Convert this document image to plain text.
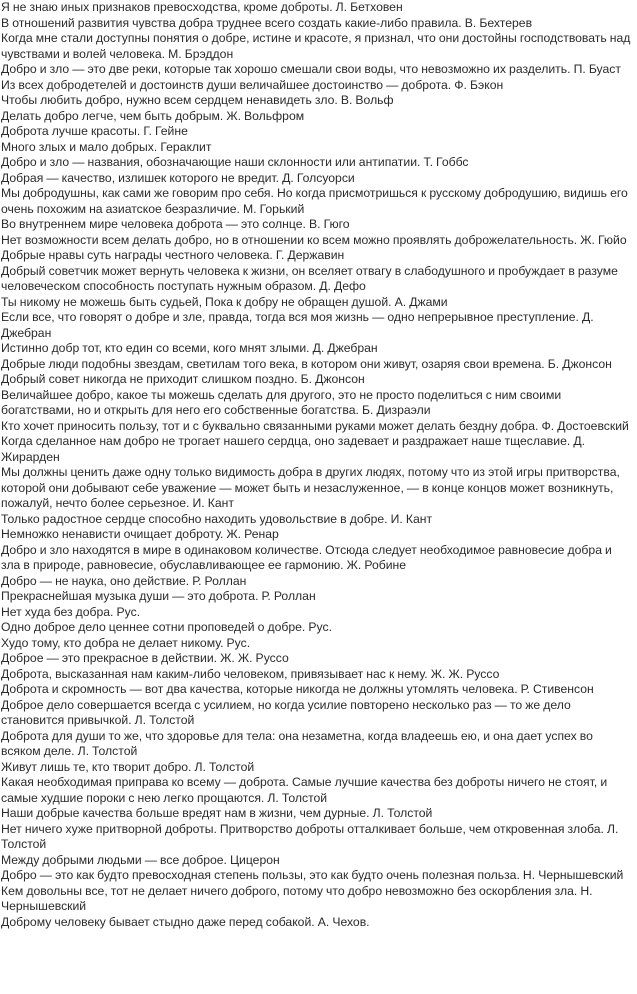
Я не знаю иных признаков превосходства, кроме доброты. Л. Бетховен

В отношений развития чувства добра труднее всего создать какие-либо правила. В. Бехтерев

Когда мне стали доступны понятия о добре, истине и красоте, я признал, что они достойны господствовать над чувствами и волей человека. М. Брэддон

Добро и зло — это две реки, которые так хорошо смешали свои воды, что невозможно их разделить. П. Буаст

Из всех добродетелей и достоинств души величайшее достоинство — доброта. Ф. Бэкон

Чтобы любить добро, нужно всем сердцем ненавидеть зло. В. Вольф

Делать добро легче, чем быть добрым. Ж. Вольфром

Доброта лучше красоты. Г. Гейне

Много злых и мало добрых. Гераклит

Добро и зло — названия, обозначающие наши склонности или антипатии. Т. Гоббс

Добрая — качество, излишек которого не вредит. Д. Голсуорси

Мы добродушны, как сами же говорим про себя. Но когда присмотришься к русскому добродушию, видишь его очень похожим на азиатское безразличие. М. Горький

Во внутреннем мире человека доброта — это солнце. В. Гюго

Нет возможности всем делать добро, но в отношении ко всем можно проявлять доброжелательность. Ж. Гюйо

Добрые нравы суть награды честного человека. Г. Державин

Добрый советчик может вернуть человека к жизни, он вселяет отвагу в слабодушного и пробуждает в разуме человеческом способность поступать нужным образом. Д. Дефо

Ты никому не можешь быть судьей, Пока к добру не обращен душой. А. Джами

Если все, что говорят о добре и зле, правда, тогда вся моя жизнь — одно непрерывное преступление. Д. Джебран

Истинно добр тот, кто един со всеми, кого мнят злыми. Д. Джебран

Добрые люди подобны звездам, светилам того века, в котором они живут, озаряя свои времена. Б. Джонсон

Добрый совет никогда не приходит слишком поздно. Б. Джонсон

Величайшее добро, какое ты можешь сделать для другого, это не просто поделиться с ним своими богатствами, но и открыть для него его собственные богатства. Б. Дизраэли

Кто хочет приносить пользу, тот и с буквально связанными руками может делать бездну добра. Ф. Достоевский

Когда сделанное нам добро не трогает нашего сердца, оно задевает и раздражает наше тщеславие. Д. Жирарден

Мы должны ценить даже одну только видимость добра в других людях, потому что из этой игры притворства, которой они добывают себе уважение — может быть и незаслуженное, — в конце концов может возникнуть, пожалуй, нечто более серьезное. И. Кант

Только радостное сердце способно находить удовольствие в добре. И. Кант

Немножко ненависти очищает доброту. Ж. Ренар

Добро и зло находятся в мире в одинаковом количестве. Отсюда следует необходимое равновесие добра и зла в природе, равновесие, обуславливающее ее гармонию. Ж. Робине

Добро — не наука, оно действие. Р. Роллан

Прекраснейшая музыка души — это доброта. Р. Роллан

Нет худа без добра. Рус.

Одно доброе дело ценнее сотни проповедей о добре. Рус.

Худо тому, кто добра не делает никому. Рус.

Доброе — это прекрасное в действии. Ж. Ж. Руссо

Доброта, высказанная нам каким-либо человеком, привязывает нас к нему. Ж. Ж. Руссо

Доброта и скромность — вот два качества, которые никогда не должны утомлять человека. Р. Стивенсон

Доброе дело совершается всегда с усилием, но когда усилие повторено несколько раз — то же дело становится привычкой. Л. Толстой

Доброта для души то же, что здоровье для тела: она незаметна, когда владеешь ею, и она дает успех во всяком деле. Л. Толстой

Живут лишь те, кто творит добро. Л. Толстой

Какая необходимая приправа ко всему — доброта. Самые лучшие качества без доброты ничего не стоят, и самые худшие пороки с нею легко прощаются. Л. Толстой

Наши добрые качества больше вредят нам в жизни, чем дурные. Л. Толстой

Нет ничего хуже притворной доброты. Притворство доброты отталкивает больше, чем откровенная злоба. Л. Толстой

Между добрыми людьми — все доброе. Цицерон

Добро — это как будто превосходная степень пользы, это как будто очень полезная польза. Н. Чернышевский

Кем довольны все, тот не делает ничего доброго, потому что добро невозможно без оскорбления зла. Н. Чернышевский

Доброму человеку бывает стыдно даже перед собакой. А. Чехов.
